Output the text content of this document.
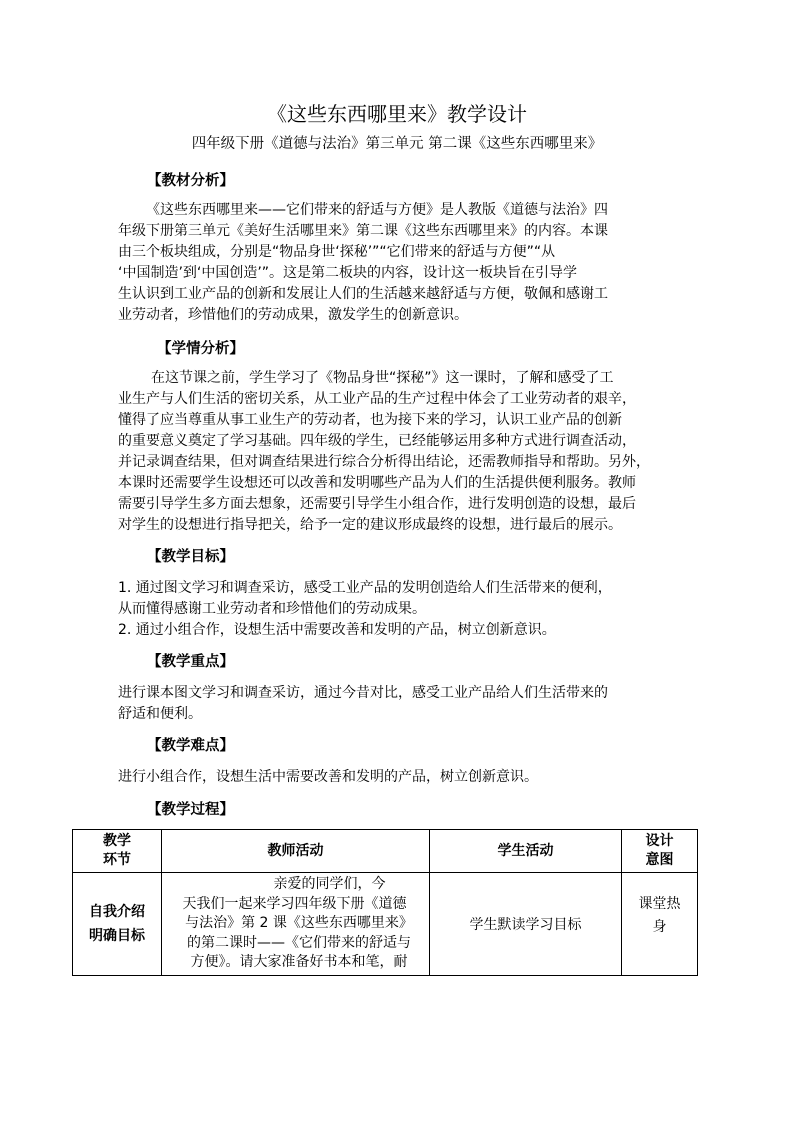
《这些东西哪里来》教学设计
四年级下册《道德与法治》第三单元 第二课《这些东西哪里来》
【教材分析】
《这些东西哪里来——它们带来的舒适与方便》是人教版《道德与法治》四
年级下册第三单元《美好生活哪里来》第二课《这些东西哪里来》的内容。本课
由三个板块组成，分别是“物品身世‘探秘’”“它们带来的舒适与方便”“从
‘中国制造’到‘中国创造’”。这是第二板块的内容，设计这一板块旨在引导学
生认识到工业产品的创新和发展让人们的生活越来越舒适与方便，敬佩和感谢工
业劳动者，珍惜他们的劳动成果，激发学生的创新意识。
【学情分析】
在这节课之前，学生学习了《物品身世“探秘”》这一课时，了解和感受了工
业生产与人们生活的密切关系，从工业产品的生产过程中体会了工业劳动者的艰辛，
懂得了应当尊重从事工业生产的劳动者，也为接下来的学习，认识工业产品的创新
的重要意义奠定了学习基础。四年级的学生，已经能够运用多种方式进行调查活动，
并记录调查结果，但对调查结果进行综合分析得出结论，还需教师指导和帮助。另外，
本课时还需要学生设想还可以改善和发明哪些产品为人们的生活提供便利服务。教师
需要引导学生多方面去想象，还需要引导学生小组合作，进行发明创造的设想，最后
对学生的设想进行指导把关，给予一定的建议形成最终的设想，进行最后的展示。
【教学目标】
1. 通过图文学习和调查采访，感受工业产品的发明创造给人们生活带来的便利，
从而懂得感谢工业劳动者和珍惜他们的劳动成果。
2. 通过小组合作，设想生活中需要改善和发明的产品，树立创新意识。
【教学重点】
进行课本图文学习和调查采访，通过今昔对比，感受工业产品给人们生活带来的
舒适和便利。
【教学难点】
进行小组合作，设想生活中需要改善和发明的产品，树立创新意识。
【教学过程】
教学
环节	教师活动	学生活动	设计
意图

自我介绍
明确目标	亲爱的同学们，今
天我们一起来学习四年级下册《道德
与法治》第 2 课《这些东西哪里来》
的第二课时——《它们带来的舒适与
方便》。请大家准备好书本和笔，耐	学生默读学习目标	课堂热
身
